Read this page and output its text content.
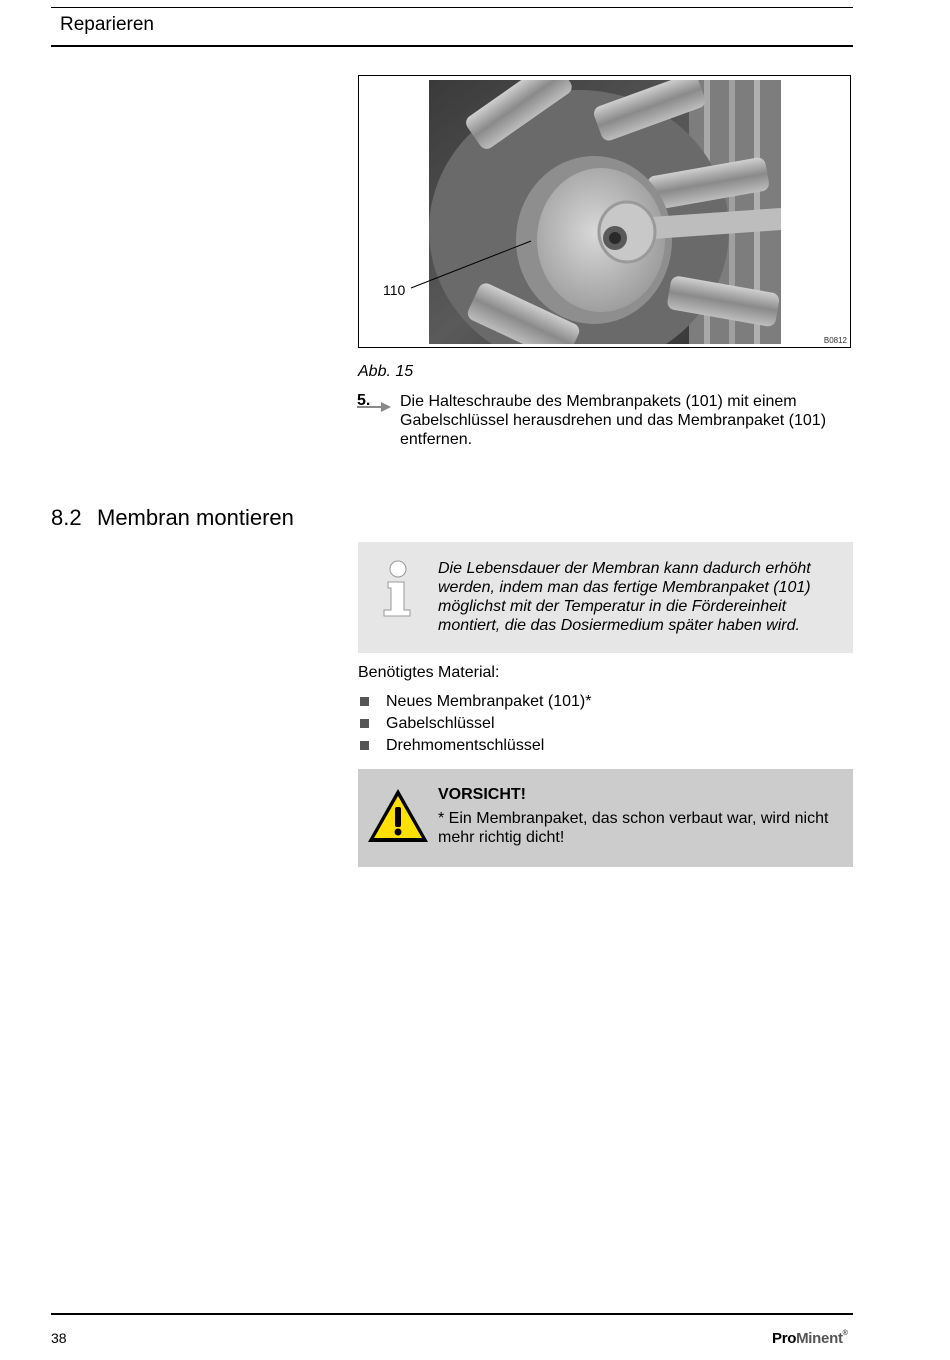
Reparieren
110
B0812
Abb. 15
5. Die Halteschraube des Membranpakets (101) mit einem Gabelschlüssel herausdrehen und das Membranpaket (101) entfernen.
8.2 Membran montieren
Die Lebensdauer der Membran kann dadurch erhöht werden, indem man das fertige Membranpaket (101) möglichst mit der Temperatur in die Fördereinheit montiert, die das Dosiermedium später haben wird.
Benötigtes Material:
Neues Membranpaket (101)*
Gabelschlüssel
Drehmomentschlüssel
VORSICHT!
* Ein Membranpaket, das schon verbaut war, wird nicht mehr richtig dicht!
38	ProMinent®
